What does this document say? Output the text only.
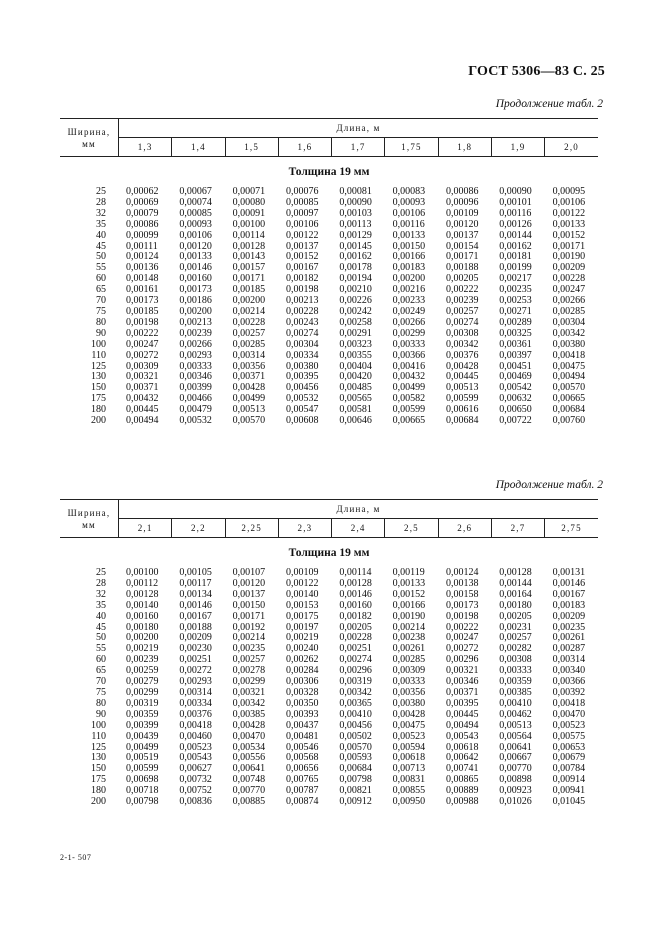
ГОСТ 5306—83 С. 25
Продолжение табл. 2
Ширина, мм	Длина, м								
	1,3	1,4	1,5	1,6	1,7	1,75	1,8	1,9	2,0
Толщина 19 мм
25	0,00062	0,00067	0,00071	0,00076	0,00081	0,00083	0,00086	0,00090	0,00095
28	0,00069	0,00074	0,00080	0,00085	0,00090	0,00093	0,00096	0,00101	0,00106
32	0,00079	0,00085	0,00091	0,00097	0,00103	0,00106	0,00109	0,00116	0,00122
35	0,00086	0,00093	0,00100	0,00106	0,00113	0,00116	0,00120	0,00126	0,00133
40	0,00099	0,00106	0,00114	0,00122	0,00129	0,00133	0,00137	0,00144	0,00152
45	0,00111	0,00120	0,00128	0,00137	0,00145	0,00150	0,00154	0,00162	0,00171
50	0,00124	0,00133	0,00143	0,00152	0,00162	0,00166	0,00171	0,00181	0,00190
55	0,00136	0,00146	0,00157	0,00167	0,00178	0,00183	0,00188	0,00199	0,00209
60	0,00148	0,00160	0,00171	0,00182	0,00194	0,00200	0,00205	0,00217	0,00228
65	0,00161	0,00173	0,00185	0,00198	0,00210	0,00216	0,00222	0,00235	0,00247
70	0,00173	0,00186	0,00200	0,00213	0,00226	0,00233	0,00239	0,00253	0,00266
75	0,00185	0,00200	0,00214	0,00228	0,00242	0,00249	0,00257	0,00271	0,00285
80	0,00198	0,00213	0,00228	0,00243	0,00258	0,00266	0,00274	0,00289	0,00304
90	0,00222	0,00239	0,00257	0,00274	0,00291	0,00299	0,00308	0,00325	0,00342
100	0,00247	0,00266	0,00285	0,00304	0,00323	0,00333	0,00342	0,00361	0,00380
110	0,00272	0,00293	0,00314	0,00334	0,00355	0,00366	0,00376	0,00397	0,00418
125	0,00309	0,00333	0,00356	0,00380	0,00404	0,00416	0,00428	0,00451	0,00475
130	0,00321	0,00346	0,00371	0,00395	0,00420	0,00432	0,00445	0,00469	0,00494
150	0,00371	0,00399	0,00428	0,00456	0,00485	0,00499	0,00513	0,00542	0,00570
175	0,00432	0,00466	0,00499	0,00532	0,00565	0,00582	0,00599	0,00632	0,00665
180	0,00445	0,00479	0,00513	0,00547	0,00581	0,00599	0,00616	0,00650	0,00684
200	0,00494	0,00532	0,00570	0,00608	0,00646	0,00665	0,00684	0,00722	0,00760
Продолжение табл. 2
Ширина, мм	Длина, м								
	2,1	2,2	2,25	2,3	2,4	2,5	2,6	2,7	2,75
Толщина 19 мм
25	0,00100	0,00105	0,00107	0,00109	0,00114	0,00119	0,00124	0,00128	0,00131
28	0,00112	0,00117	0,00120	0,00122	0,00128	0,00133	0,00138	0,00144	0,00146
32	0,00128	0,00134	0,00137	0,00140	0,00146	0,00152	0,00158	0,00164	0,00167
35	0,00140	0,00146	0,00150	0,00153	0,00160	0,00166	0,00173	0,00180	0,00183
40	0,00160	0,00167	0,00171	0,00175	0,00182	0,00190	0,00198	0,00205	0,00209
45	0,00180	0,00188	0,00192	0,00197	0,00205	0,00214	0,00222	0,00231	0,00235
50	0,00200	0,00209	0,00214	0,00219	0,00228	0,00238	0,00247	0,00257	0,00261
55	0,00219	0,00230	0,00235	0,00240	0,00251	0,00261	0,00272	0,00282	0,00287
60	0,00239	0,00251	0,00257	0,00262	0,00274	0,00285	0,00296	0,00308	0,00314
65	0,00259	0,00272	0,00278	0,00284	0,00296	0,00309	0,00321	0,00333	0,00340
70	0,00279	0,00293	0,00299	0,00306	0,00319	0,00333	0,00346	0,00359	0,00366
75	0,00299	0,00314	0,00321	0,00328	0,00342	0,00356	0,00371	0,00385	0,00392
80	0,00319	0,00334	0,00342	0,00350	0,00365	0,00380	0,00395	0,00410	0,00418
90	0,00359	0,00376	0,00385	0,00393	0,00410	0,00428	0,00445	0,00462	0,00470
100	0,00399	0,00418	0,00428	0,00437	0,00456	0,00475	0,00494	0,00513	0,00523
110	0,00439	0,00460	0,00470	0,00481	0,00502	0,00523	0,00543	0,00564	0,00575
125	0,00499	0,00523	0,00534	0,00546	0,00570	0,00594	0,00618	0,00641	0,00653
130	0,00519	0,00543	0,00556	0,00568	0,00593	0,00618	0,00642	0,00667	0,00679
150	0,00599	0,00627	0,00641	0,00656	0,00684	0,00713	0,00741	0,00770	0,00784
175	0,00698	0,00732	0,00748	0,00765	0,00798	0,00831	0,00865	0,00898	0,00914
180	0,00718	0,00752	0,00770	0,00787	0,00821	0,00855	0,00889	0,00923	0,00941
200	0,00798	0,00836	0,00885	0,00874	0,00912	0,00950	0,00988	0,01026	0,01045
2-1- 507
